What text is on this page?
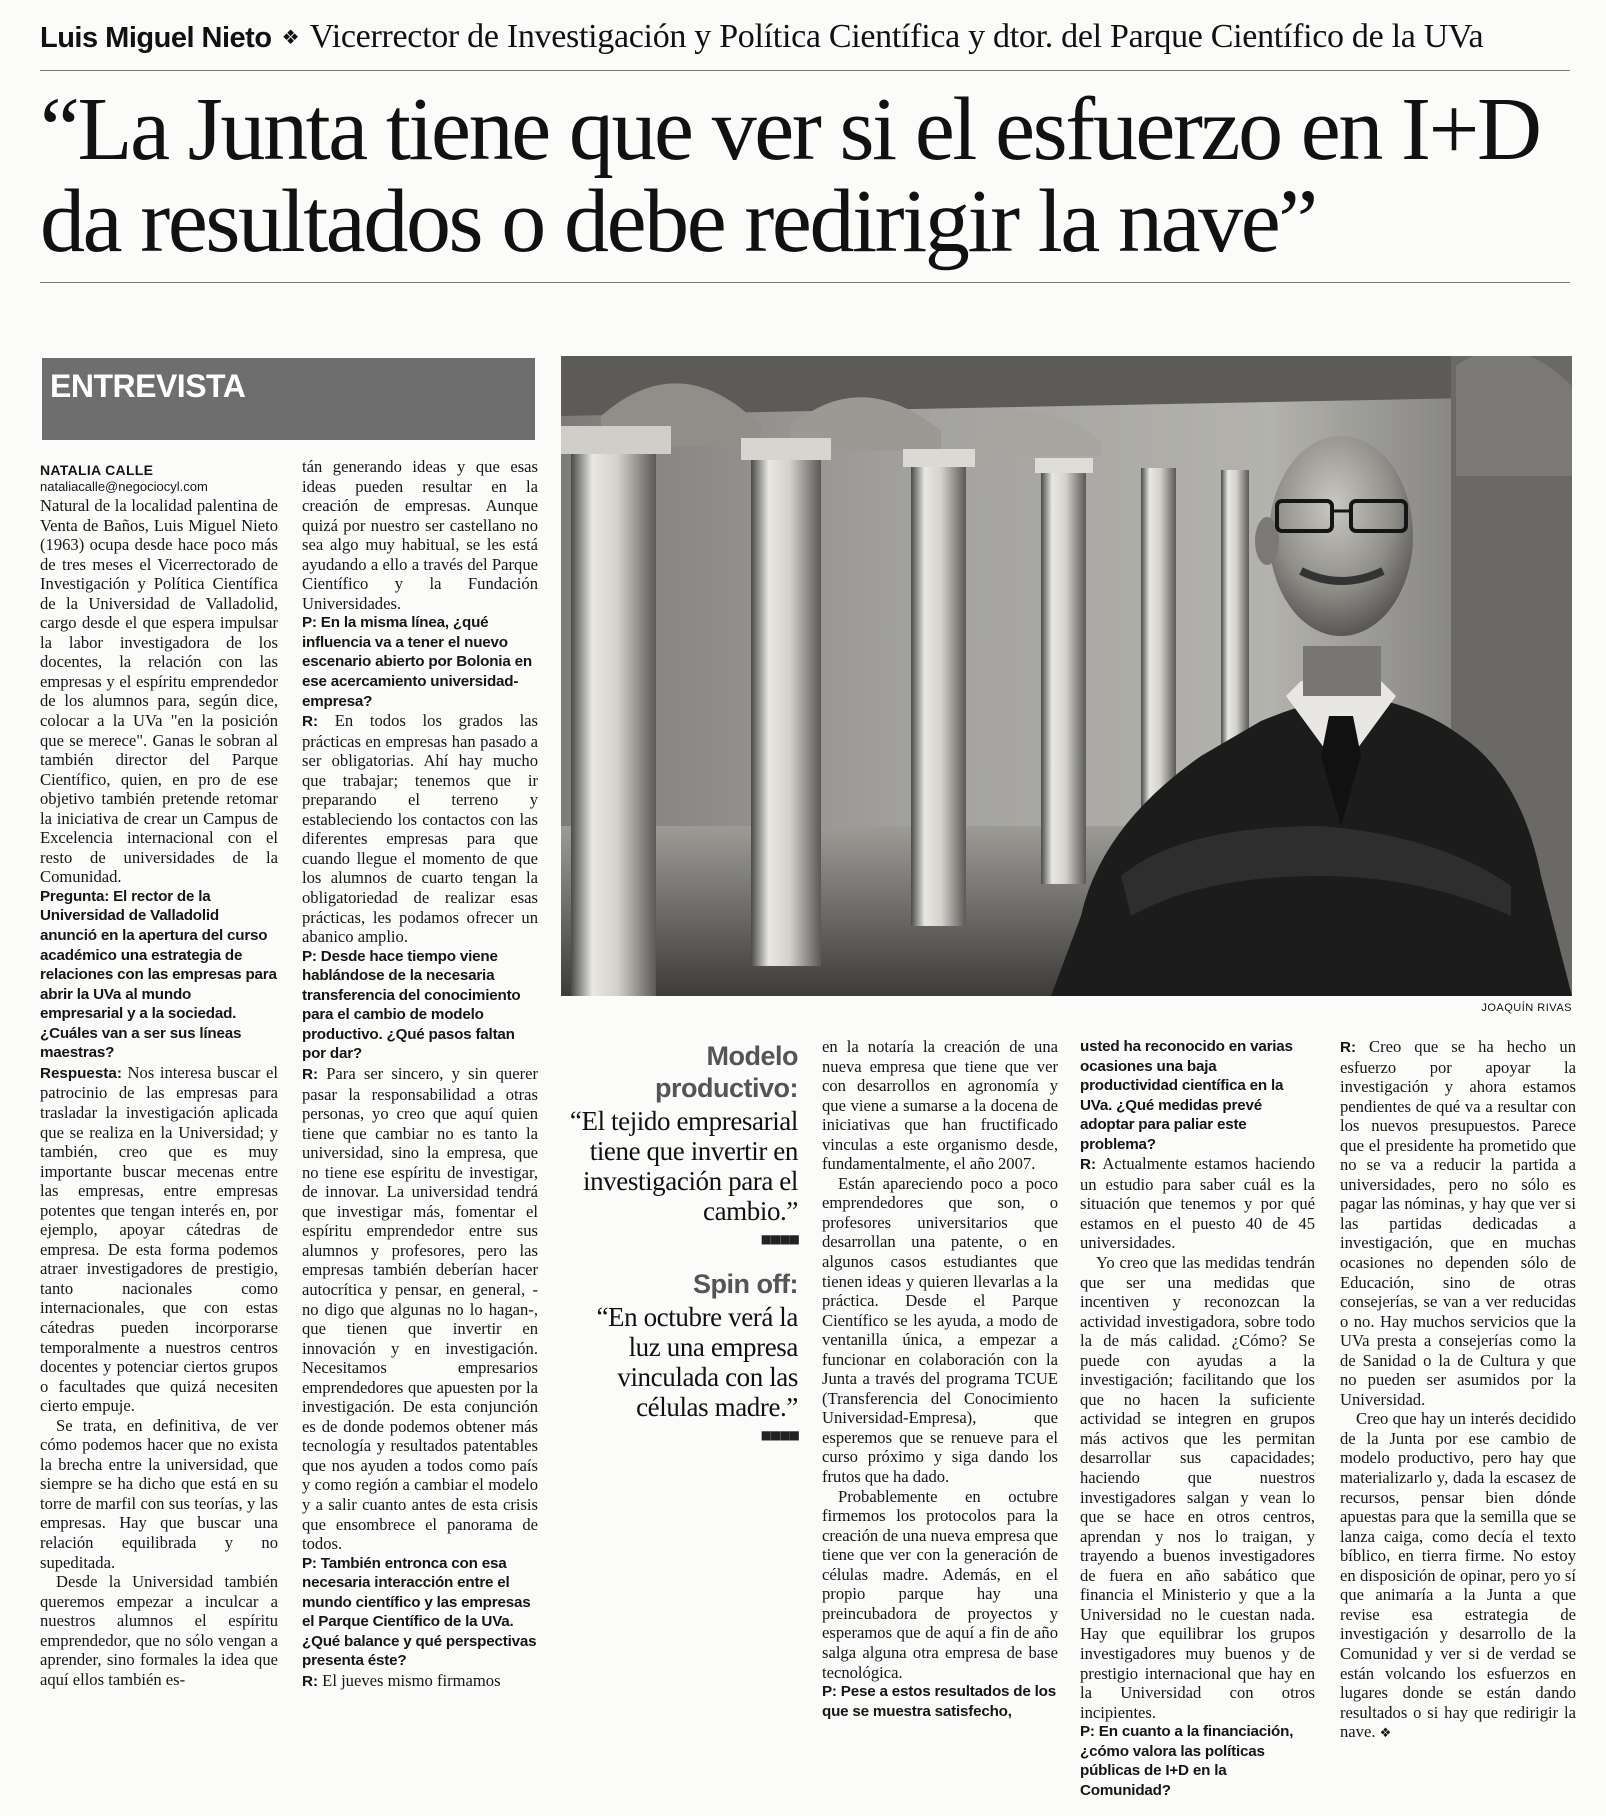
Luis Miguel Nieto ❖ Vicerrector de Investigación y Política Científica y dtor. del Parque Científico de la UVa
“La Junta tiene que ver si el esfuerzo en I+D
da resultados o debe redirigir la nave”
ENTREVISTA
JOAQUÍN RIVAS
NATALIA CALLE
nataliacalle@negociocyl.com

Natural de la localidad palentina de Venta de Baños, Luis Miguel Nieto (1963) ocupa desde hace poco más de tres meses el Vicerrectorado de Investigación y Política Científica de la Universidad de Valladolid, cargo desde el que espera impulsar la labor investigadora de los docentes, la relación con las empresas y el espíritu emprendedor de los alumnos para, según dice, colocar a la UVa "en la posición que se merece". Ganas le sobran al también director del Parque Científico, quien, en pro de ese objetivo también pretende retomar la iniciativa de crear un Campus de Excelencia internacional con el resto de universidades de la Comunidad.

Pregunta: El rector de la Universidad de Valladolid anunció en la apertura del curso académico una estrategia de relaciones con las empresas para abrir la UVa al mundo empresarial y a la sociedad. ¿Cuáles van a ser sus líneas maestras?

Respuesta: Nos interesa buscar el patrocinio de las empresas para trasladar la investigación aplicada que se realiza en la Universidad; y también, creo que es muy importante buscar mecenas entre las empresas, entre empresas potentes que tengan interés en, por ejemplo, apoyar cátedras de empresa. De esta forma podemos atraer investigadores de prestigio, tanto nacionales como internacionales, que con estas cátedras pueden incorporarse temporalmente a nuestros centros docentes y potenciar ciertos grupos o facultades que quizá necesiten cierto empuje.

Se trata, en definitiva, de ver cómo podemos hacer que no exista la brecha entre la universidad, que siempre se ha dicho que está en su torre de marfil con sus teorías, y las empresas. Hay que buscar una relación equilibrada y no supeditada.

Desde la Universidad también queremos empezar a inculcar a nuestros alumnos el espíritu emprendedor, que no sólo vengan a aprender, sino formales la idea que aquí ellos también es-

tán generando ideas y que esas ideas pueden resultar en la creación de empresas. Aunque quizá por nuestro ser castellano no sea algo muy habitual, se les está ayudando a ello a través del Parque Científico y la Fundación Universidades.

P: En la misma línea, ¿qué influencia va a tener el nuevo escenario abierto por Bolonia en ese acercamiento universidad-empresa?

R: En todos los grados las prácticas en empresas han pasado a ser obligatorias. Ahí hay mucho que trabajar; tenemos que ir preparando el terreno y estableciendo los contactos con las diferentes empresas para que cuando llegue el momento de que los alumnos de cuarto tengan la obligatoriedad de realizar esas prácticas, les podamos ofrecer un abanico amplio.

P: Desde hace tiempo viene hablándose de la necesaria transferencia del conocimiento para el cambio de modelo productivo. ¿Qué pasos faltan por dar?

R: Para ser sincero, y sin querer pasar la responsabilidad a otras personas, yo creo que aquí quien tiene que cambiar no es tanto la universidad, sino la empresa, que no tiene ese espíritu de investigar, de innovar. La universidad tendrá que investigar más, fomentar el espíritu emprendedor entre sus alumnos y profesores, pero las empresas también deberían hacer autocrítica y pensar, en general, -no digo que algunas no lo hagan-, que tienen que invertir en innovación y en investigación. Necesitamos empresarios emprendedores que apuesten por la investigación. De esta conjunción es de donde podemos obtener más tecnología y resultados patentables que nos ayuden a todos como país y como región a cambiar el modelo y a salir cuanto antes de esta crisis que ensombrece el panorama de todos.

P: También entronca con esa necesaria interacción entre el mundo científico y las empresas el Parque Científico de la UVa. ¿Qué balance y qué perspectivas presenta éste?

R: El jueves mismo firmamos

Modelo productivo:
“El tejido empresarial tiene que invertir en investigación para el cambio.”
■■■■
Spin off:
“En octubre verá la luz una empresa vinculada con las células madre.”
■■■■

en la notaría la creación de una nueva empresa que tiene que ver con desarrollos en agronomía y que viene a sumarse a la docena de iniciativas que han fructificado vinculas a este organismo desde, fundamentalmente, el año 2007.

Están apareciendo poco a poco emprendedores que son, o profesores universitarios que desarrollan una patente, o en algunos casos estudiantes que tienen ideas y quieren llevarlas a la práctica. Desde el Parque Científico se les ayuda, a modo de ventanilla única, a empezar a funcionar en colaboración con la Junta a través del programa TCUE (Transferencia del Conocimiento Universidad-Empresa), que esperemos que se renueve para el curso próximo y siga dando los frutos que ha dado.

Probablemente en octubre firmemos los protocolos para la creación de una nueva empresa que tiene que ver con la generación de células madre. Además, en el propio parque hay una preincubadora de proyectos y esperamos que de aquí a fin de año salga alguna otra empresa de base tecnológica.

P: Pese a estos resultados de los que se muestra satisfecho,

usted ha reconocido en varias ocasiones una baja productividad científica en la UVa. ¿Qué medidas prevé adoptar para paliar este problema?

R: Actualmente estamos haciendo un estudio para saber cuál es la situación que tenemos y por qué estamos en el puesto 40 de 45 universidades.

Yo creo que las medidas tendrán que ser una medidas que incentiven y reconozcan la actividad investigadora, sobre todo la de más calidad. ¿Cómo? Se puede con ayudas a la investigación; facilitando que los que no hacen la suficiente actividad se integren en grupos más activos que les permitan desarrollar sus capacidades; haciendo que nuestros investigadores salgan y vean lo que se hace en otros centros, aprendan y nos lo traigan, y trayendo a buenos investigadores de fuera en año sabático que financia el Ministerio y que a la Universidad no le cuestan nada. Hay que equilibrar los grupos investigadores muy buenos y de prestigio internacional que hay en la Universidad con otros incipientes.

P: En cuanto a la financiación, ¿cómo valora las políticas públicas de I+D en la Comunidad?

R: Creo que se ha hecho un esfuerzo por apoyar la investigación y ahora estamos pendientes de qué va a resultar con los nuevos presupuestos. Parece que el presidente ha prometido que no se va a reducir la partida a universidades, pero no sólo es pagar las nóminas, y hay que ver si las partidas dedicadas a investigación, que en muchas ocasiones no dependen sólo de Educación, sino de otras consejerías, se van a ver reducidas o no. Hay muchos servicios que la UVa presta a consejerías como la de Sanidad o la de Cultura y que no pueden ser asumidos por la Universidad.

Creo que hay un interés decidido de la Junta por ese cambio de modelo productivo, pero hay que materializarlo y, dada la escasez de recursos, pensar bien dónde apuestas para que la semilla que se lanza caiga, como decía el texto bíblico, en tierra firme. No estoy en disposición de opinar, pero yo sí que animaría a la Junta a que revise esa estrategia de investigación y desarrollo de la Comunidad y ver si de verdad se están volcando los esfuerzos en lugares donde se están dando resultados o si hay que redirigir la nave. ❖
